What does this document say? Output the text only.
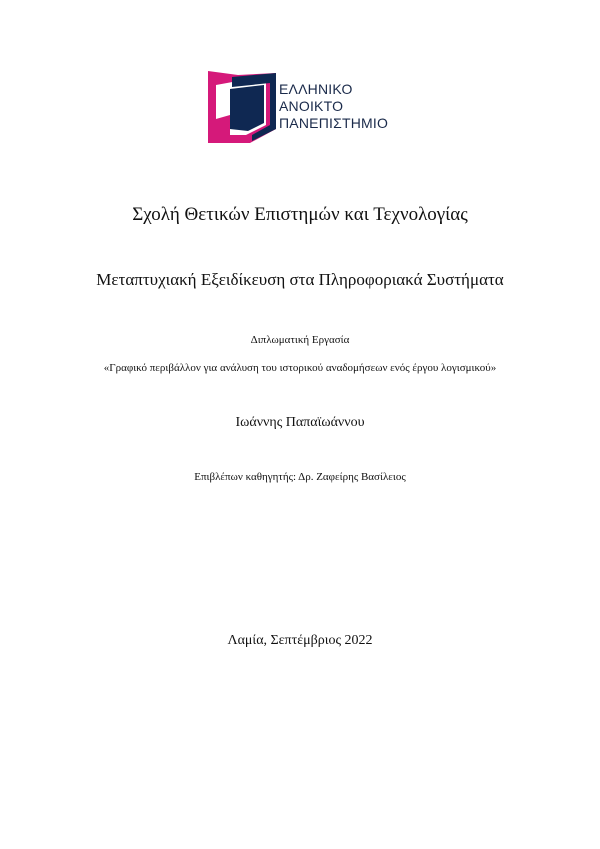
ΕΛΛΗΝΙΚΟ
ΑΝΟΙΚΤΟ
ΠΑΝΕΠΙΣΤΗΜΙΟ
Σχολή Θετικών Επιστημών και Τεχνολογίας
Μεταπτυχιακή Εξειδίκευση στα Πληροφοριακά Συστήματα
Διπλωματική Εργασία
«Γραφικό περιβάλλον για ανάλυση του ιστορικού αναδομήσεων ενός έργου λογισμικού»
Ιωάννης Παπαϊωάννου
Επιβλέπων καθηγητής: Δρ. Ζαφείρης Βασίλειος
Λαμία, Σεπτέμβριος 2022
